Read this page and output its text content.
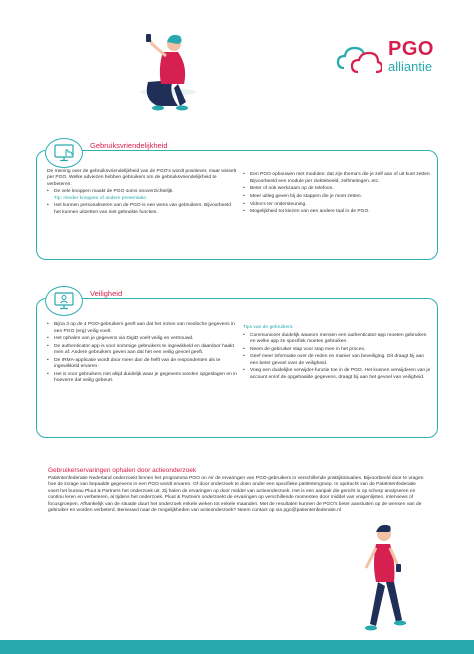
PGO
alliantie
Gebruiksvriendelijkheid

De mening over de gebruiksvriendelijkheid van de PGO's wordt positiever, maar wisselt per PGO. Welke adviezen hebben gebruikers om de gebruiksvriendelijkheid te verbeteren:

• De vele knoppen maakt de PGO soms onoverzichtelijk.
Tip: minder knoppen of andere presentatie.
• Het kunnen personaliseren van de PGO is een wens van gebruikers. Bijvoorbeeld het kunnen uitzetten van niet gebruikte functies.
• Een PGO opbouwen met modules: dat zijn thema's die je zelf aan of uit kunt zetten. Bijvoorbeeld een module per ziektebeeld, zelfmetingen, etc.
• Beter of ook werkzaam op de telefoon.
• Meer uitleg geven bij de stappen die je moet zetten.
• Video's ter ondersteuning.
• Mogelijkheid tot kiezen van een andere taal in de PGO.
Veiligheid
• Bijna 3 op de 4 PGO-gebruikers geeft aan dat het inzien van medische gegevens in een PGO (erg) veilig voelt.
• Het ophalen van je gegevens via DigiD voelt veilig en vertrouwd.
• De authenticator-app is voor sommige gebruikers te ingewikkeld en daardoor haakt men af. Andere gebruikers geven aan dat het een veilig gevoel geeft.
• De IRMA-applicatie wordt door meer dan de helft van de respondenten als te ingewikkeld ervaren.
• Het is voor gebruikers niet altijd duidelijk waar je gegevens worden opgeslagen en in hoeverre dat veilig gebeurt.

Tips van de gebruikers:

• Communiceer duidelijk waarom mensen een authenticator-app moeten gebruiken en welke app ze specifiek moeten gebruiken.
• Neem de gebruiker stap voor stap mee in het proces.
• Geef meer informatie over de reden en manier van beveiliging. Dit draagt bij aan een beter gevoel over de veiligheid.
• Voeg een duidelijke verwijder-functie toe in de PGO. Het kunnen verwijderen van je account en/of de opgehaalde gegevens, draagt bij aan het gevoel van veiligheid.
Gebruikerservaringen ophalen door actieonderzoek

Patiëntenfederatie Nederland onderzoekt binnen het programma PGO on Air de ervaringen van PGO-gebruikers in verschillende praktijksituaties. Bijvoorbeeld door te vragen hoe de inzage van bepaalde gegevens in een PGO wordt ervaren. Of door onderzoek te doen onder een specifieke patiëntengroep. In opdracht van de Patiëntenfederatie voert het bureau Pluut & Partners het onderzoek uit. Zij halen de ervaringen op door middel van actieonderzoek. Het is een aanpak die gericht is op scherp analyseren en continu leren en verbeteren, al tijdens het onderzoek. Pluut & Partners onderzoekt de ervaringen op verschillende momenten door middel van vragenlijsten, interviews of focusgroepen. Afhankelijk van de situatie duurt het onderzoek enkele weken tot enkele maanden. Met de resultaten kunnen de PGO's beter aansluiten op de wensen van de gebruiker en worden verbeterd. Benieuwd naar de mogelijkheden van actieonderzoek? Neem contact op via pgo@patientenfederatie.nl
